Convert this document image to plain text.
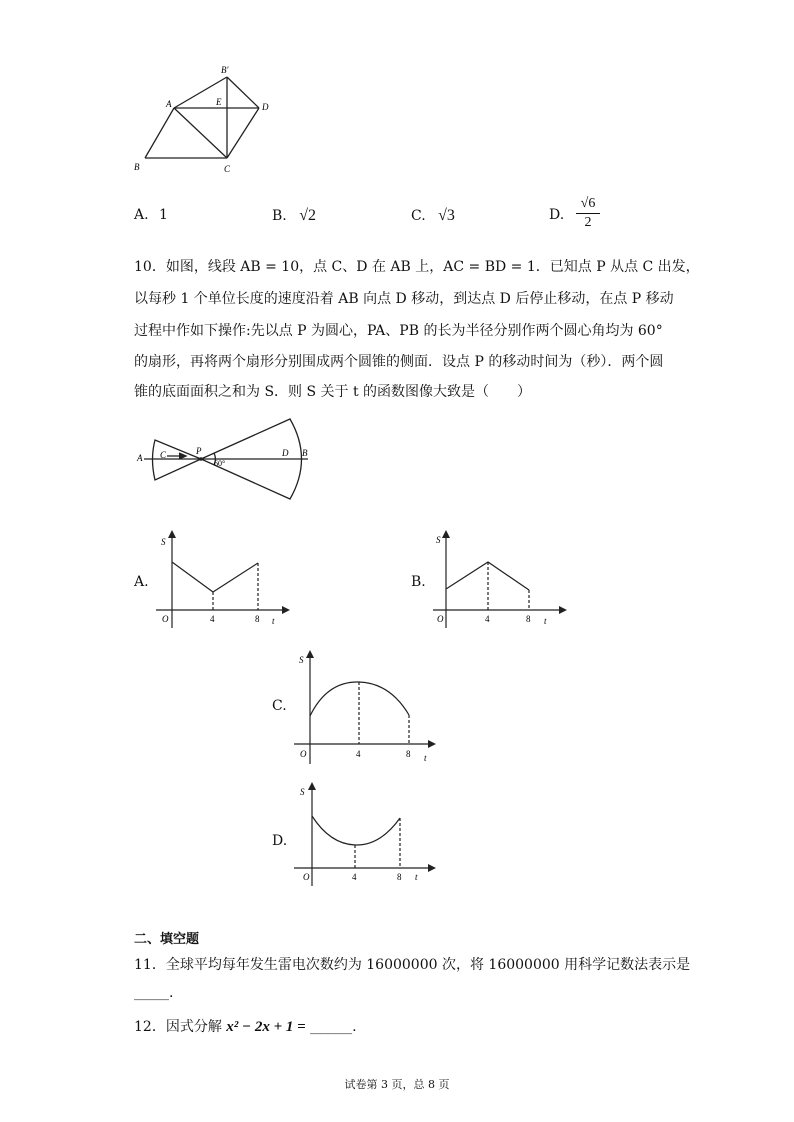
B'
A	E	D
B	C
A. 1	B. √2	C. √3	D.
√6
2
10．如图，线段 AB = 10，点 C、D 在 AB 上，AC = BD = 1．已知点 P 从点 C 出发，
以每秒 1 个单位长度的速度沿着 AB 向点 D 移动，到达点 D 后停止移动，在点 P 移动
过程中作如下操作:先以点 P 为圆心，PA、PB 的长为半径分别作两个圆心角均为 60°
的扇形，再将两个扇形分别围成两个圆锥的侧面．设点 P 的移动时间为（秒）．两个圆
锥的底面面积之和为 S．则 S 关于 t 的函数图像大致是（　　）
A C	P
60°
D B
A.
S
O	4	8 t
B.
S
O	4	8 t
C.
S
O	4	8 t
D.
S
O	4	8 t
二、填空题
11．全球平均每年发生雷电次数约为 16000000 次，将 16000000 用科学记数法表示是
_____.
12．因式分解 x² − 2x + 1 = ______.
试卷第 3 页，总 8 页
